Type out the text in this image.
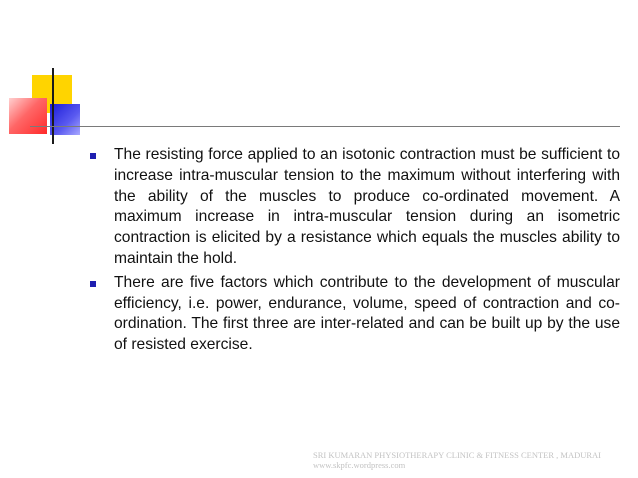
The resisting force applied to an isotonic contraction must be sufficient to increase intra-muscular tension to the maximum without interfering with the ability of the muscles to produce co-ordinated movement. A maximum increase in intra-muscular tension during an isometric contraction is elicited by a resistance which equals the muscles ability to maintain the hold.
There are five factors which contribute to the development of muscular efficiency, i.e. power, endurance, volume, speed of contraction and co-ordination. The first three are inter-related and can be built up by the use of resisted exercise.
SRI KUMARAN PHYSIOTHERAPY CLINIC & FITNESS CENTER , MADURAI
www.skpfc.wordpress.com
